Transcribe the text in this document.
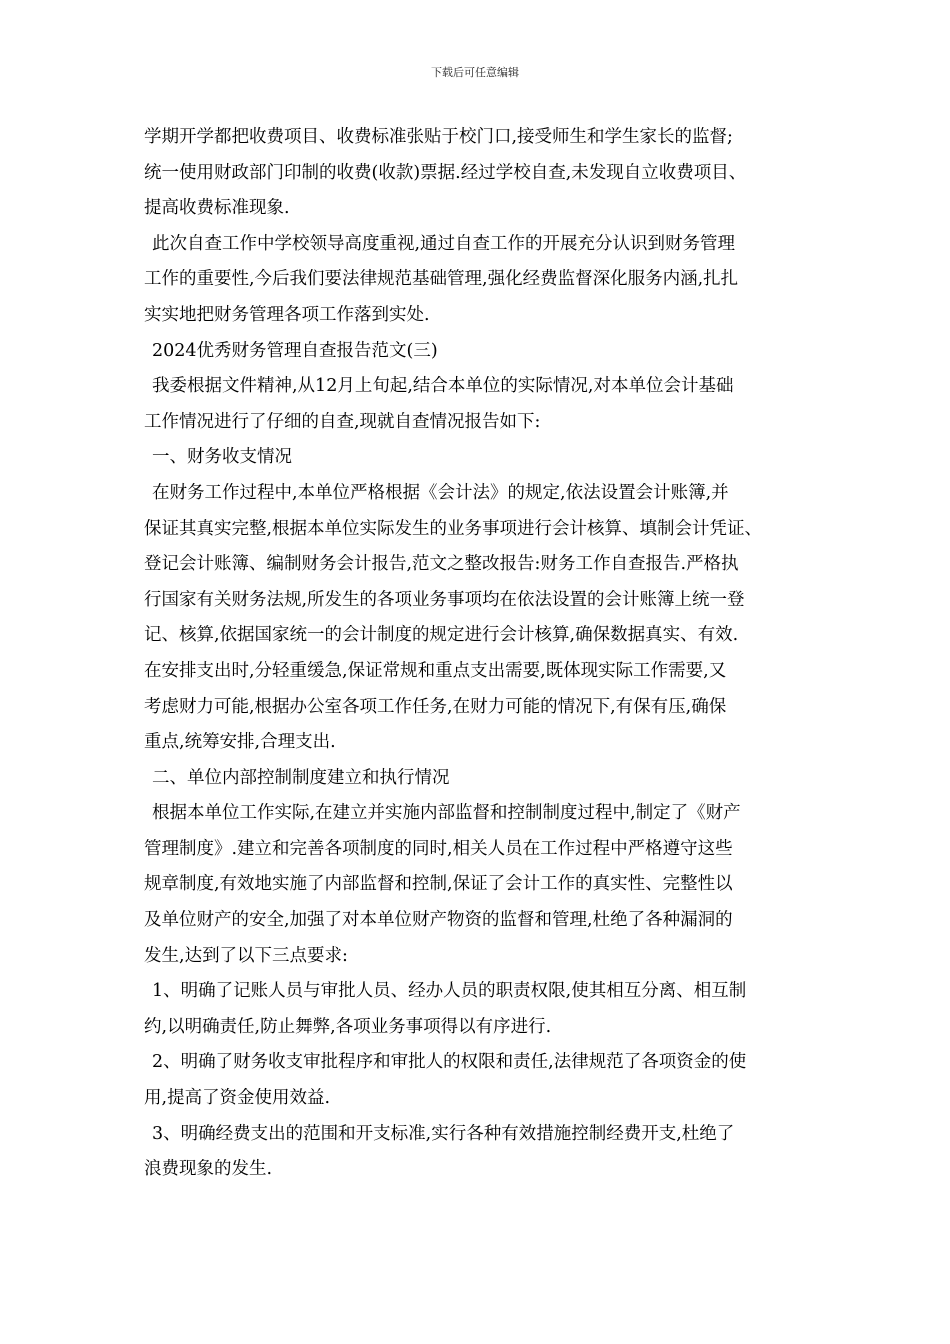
下载后可任意编辑
学期开学都把收费项目、收费标准张贴于校门口,接受师生和学生家长的监督;
统一使用财政部门印制的收费(收款)票据.经过学校自查,未发现自立收费项目、
提高收费标准现象.
此次自查工作中学校领导高度重视,通过自查工作的开展充分认识到财务管理
工作的重要性,今后我们要法律规范基础管理,强化经费监督深化服务内涵,扎扎
实实地把财务管理各项工作落到实处.
2024优秀财务管理自查报告范文(三)
我委根据文件精神,从12月上旬起,结合本单位的实际情况,对本单位会计基础
工作情况进行了仔细的自查,现就自查情况报告如下:
一、财务收支情况
在财务工作过程中,本单位严格根据《会计法》的规定,依法设置会计账簿,并
保证其真实完整,根据本单位实际发生的业务事项进行会计核算、填制会计凭证、
登记会计账簿、编制财务会计报告,范文之整改报告:财务工作自查报告.严格执
行国家有关财务法规,所发生的各项业务事项均在依法设置的会计账簿上统一登
记、核算,依据国家统一的会计制度的规定进行会计核算,确保数据真实、有效.
在安排支出时,分轻重缓急,保证常规和重点支出需要,既体现实际工作需要,又
考虑财力可能,根据办公室各项工作任务,在财力可能的情况下,有保有压,确保
重点,统筹安排,合理支出.
二、单位内部控制制度建立和执行情况
根据本单位工作实际,在建立并实施内部监督和控制制度过程中,制定了《财产
管理制度》.建立和完善各项制度的同时,相关人员在工作过程中严格遵守这些
规章制度,有效地实施了内部监督和控制,保证了会计工作的真实性、完整性以
及单位财产的安全,加强了对本单位财产物资的监督和管理,杜绝了各种漏洞的
发生,达到了以下三点要求:
1、明确了记账人员与审批人员、经办人员的职责权限,使其相互分离、相互制
约,以明确责任,防止舞弊,各项业务事项得以有序进行.
2、明确了财务收支审批程序和审批人的权限和责任,法律规范了各项资金的使
用,提高了资金使用效益.
3、明确经费支出的范围和开支标准,实行各种有效措施控制经费开支,杜绝了
浪费现象的发生.
